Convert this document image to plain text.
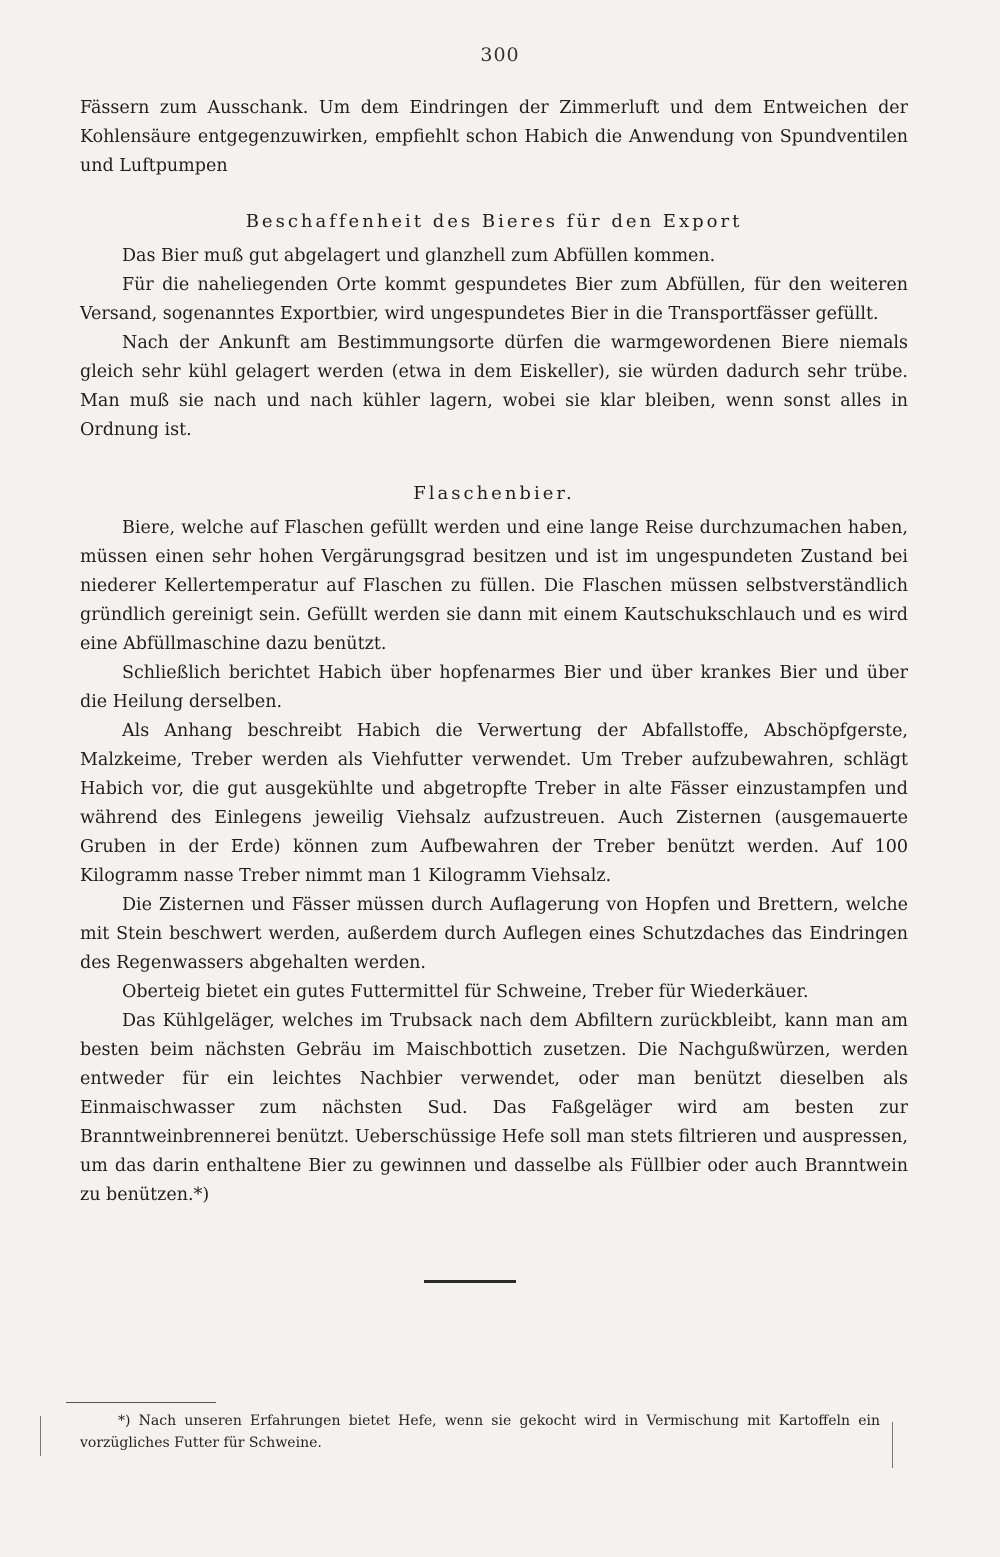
300

Fässern zum Ausschank. Um dem Eindringen der Zimmerluft und dem Entweichen der Kohlensäure entgegenzuwirken, empfiehlt schon Habich die Anwendung von Spundventilen und Luftpumpen

Beschaffenheit des Bieres für den Export

Das Bier muß gut abgelagert und glanzhell zum Abfüllen kommen.

Für die naheliegenden Orte kommt gespundetes Bier zum Abfüllen, für den weiteren Versand, sogenanntes Exportbier, wird ungespundetes Bier in die Transportfässer gefüllt.

Nach der Ankunft am Bestimmungsorte dürfen die warmgewordenen Biere niemals gleich sehr kühl gelagert werden (etwa in dem Eiskeller), sie würden dadurch sehr trübe. Man muß sie nach und nach kühler lagern, wobei sie klar bleiben, wenn sonst alles in Ordnung ist.

Flaschenbier.

Biere, welche auf Flaschen gefüllt werden und eine lange Reise durchzumachen haben, müssen einen sehr hohen Vergärungsgrad besitzen und ist im ungespundeten Zustand bei niederer Kellertemperatur auf Flaschen zu füllen. Die Flaschen müssen selbstverständlich gründlich gereinigt sein. Gefüllt werden sie dann mit einem Kautschukschlauch und es wird eine Abfüllmaschine dazu benützt.

Schließlich berichtet Habich über hopfenarmes Bier und über krankes Bier und über die Heilung derselben.

Als Anhang beschreibt Habich die Verwertung der Abfallstoffe, Abschöpfgerste, Malzkeime, Treber werden als Viehfutter verwendet. Um Treber aufzubewahren, schlägt Habich vor, die gut ausgekühlte und abgetropfte Treber in alte Fässer einzustampfen und während des Einlegens jeweilig Viehsalz aufzustreuen. Auch Zisternen (ausgemauerte Gruben in der Erde) können zum Aufbewahren der Treber benützt werden. Auf 100 Kilogramm nasse Treber nimmt man 1 Kilogramm Viehsalz.

Die Zisternen und Fässer müssen durch Auflagerung von Hopfen und Brettern, welche mit Stein beschwert werden, außerdem durch Auflegen eines Schutzdaches das Eindringen des Regenwassers abgehalten werden.

Oberteig bietet ein gutes Futtermittel für Schweine, Treber für Wiederkäuer.

Das Kühlgeläger, welches im Trubsack nach dem Abfiltern zurückbleibt, kann man am besten beim nächsten Gebräu im Maischbottich zusetzen. Die Nachgußwürzen, werden entweder für ein leichtes Nachbier verwendet, oder man benützt dieselben als Einmaischwasser zum nächsten Sud. Das Faßgeläger wird am besten zur Branntweinbrennerei benützt. Ueberschüssige Hefe soll man stets filtrieren und auspressen, um das darin enthaltene Bier zu gewinnen und dasselbe als Füllbier oder auch Branntwein zu benützen.*)

*) Nach unseren Erfahrungen bietet Hefe, wenn sie gekocht wird in Vermischung mit Kartoffeln ein vorzügliches Futter für Schweine.
